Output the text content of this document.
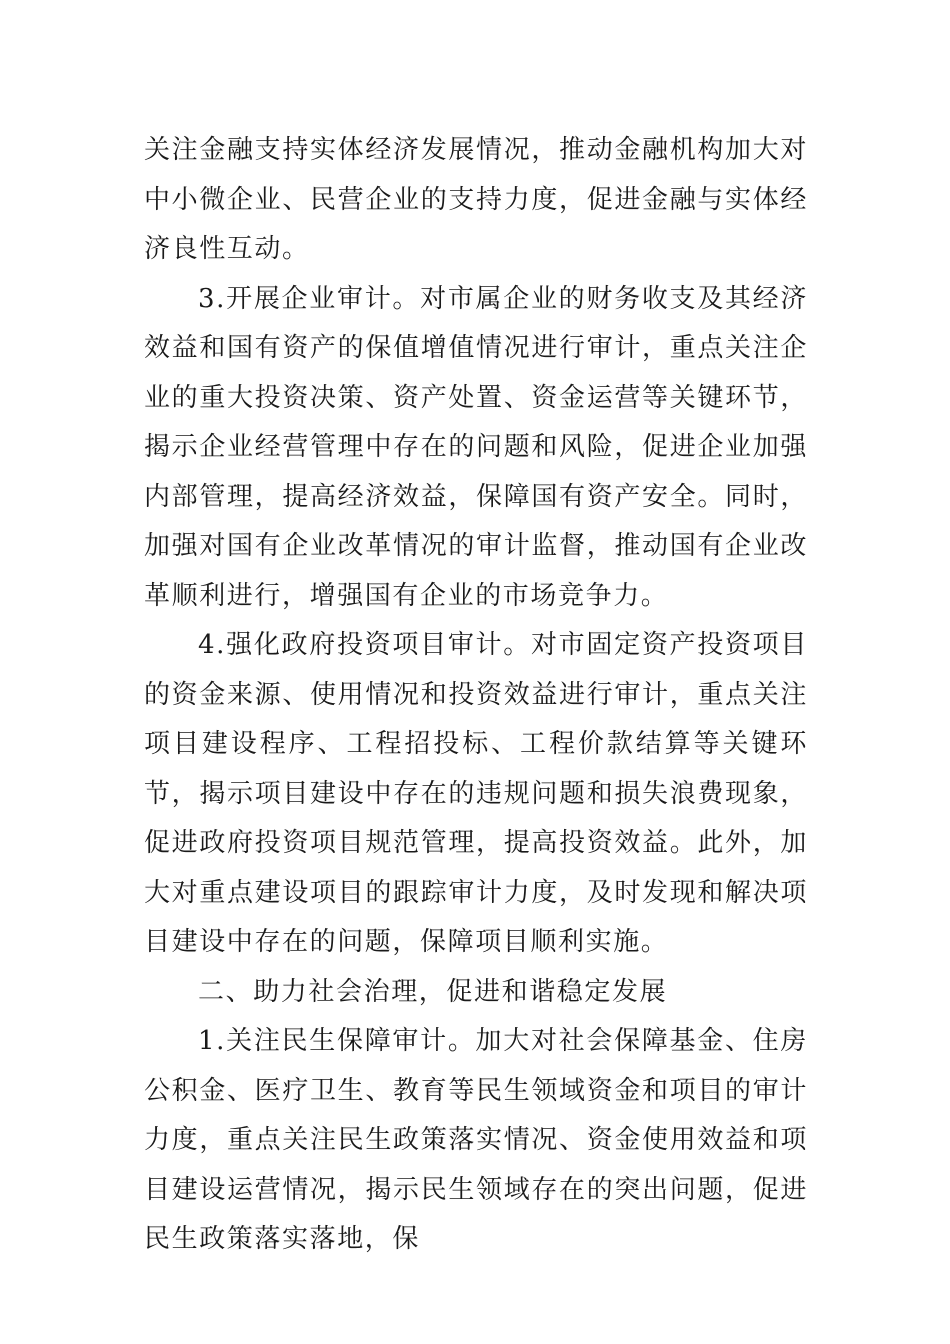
关注金融支持实体经济发展情况，推动金融机构加大对中小微企业、民营企业的支持力度，促进金融与实体经济良性互动。

3.开展企业审计。对市属企业的财务收支及其经济效益和国有资产的保值增值情况进行审计，重点关注企业的重大投资决策、资产处置、资金运营等关键环节，揭示企业经营管理中存在的问题和风险，促进企业加强内部管理，提高经济效益，保障国有资产安全。同时，加强对国有企业改革情况的审计监督，推动国有企业改革顺利进行，增强国有企业的市场竞争力。

4.强化政府投资项目审计。对市固定资产投资项目的资金来源、使用情况和投资效益进行审计，重点关注项目建设程序、工程招投标、工程价款结算等关键环节，揭示项目建设中存在的违规问题和损失浪费现象，促进政府投资项目规范管理，提高投资效益。此外，加大对重点建设项目的跟踪审计力度，及时发现和解决项目建设中存在的问题，保障项目顺利实施。

二、助力社会治理，促进和谐稳定发展

1.关注民生保障审计。加大对社会保障基金、住房公积金、医疗卫生、教育等民生领域资金和项目的审计力度，重点关注民生政策落实情况、资金使用效益和项目建设运营情况，揭示民生领域存在的突出问题，促进民生政策落实落地，保
